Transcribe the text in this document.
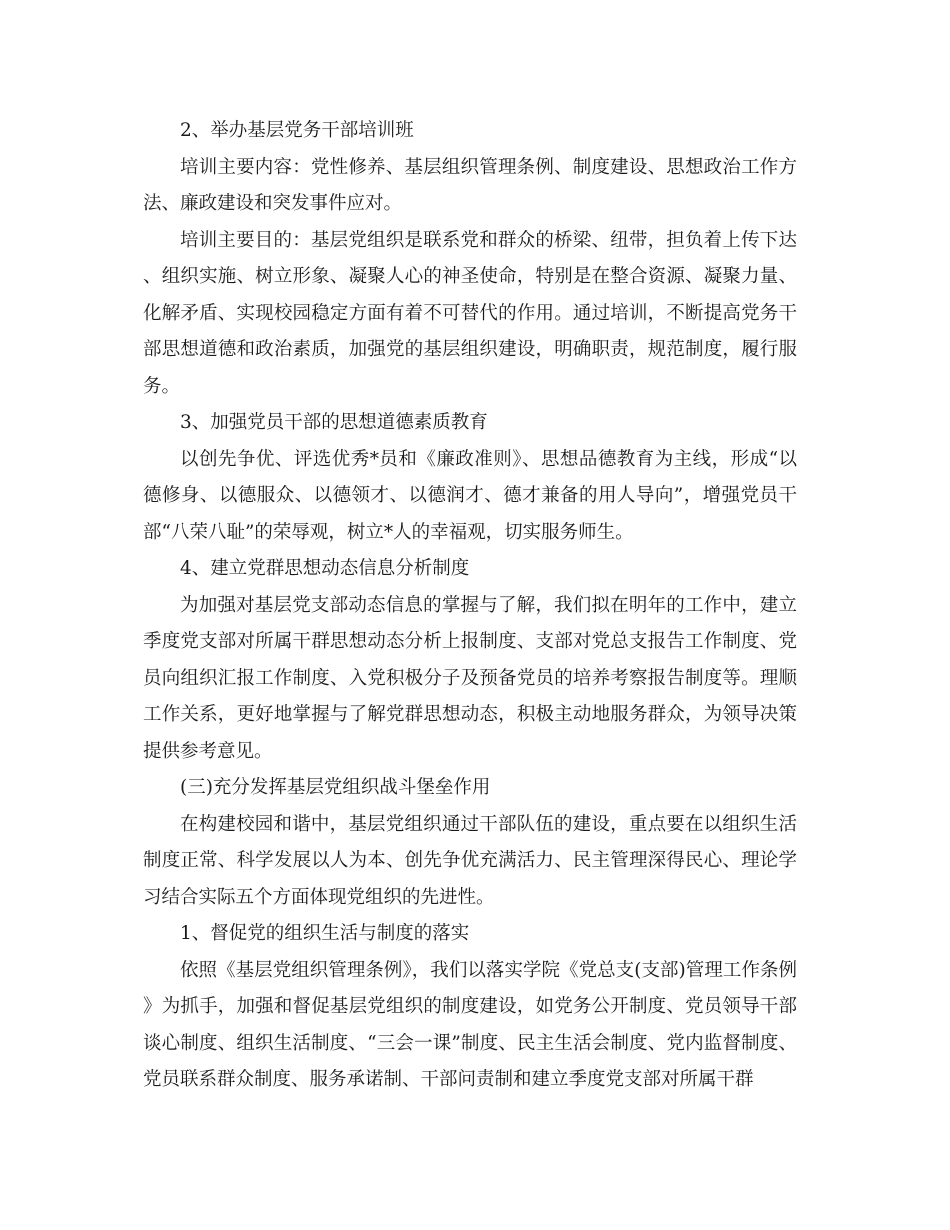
2、举办基层党务干部培训班

培训主要内容：党性修养、基层组织管理条例、制度建设、思想政治工作方法、廉政建设和突发事件应对。

培训主要目的：基层党组织是联系党和群众的桥梁、纽带，担负着上传下达、组织实施、树立形象、凝聚人心的神圣使命，特别是在整合资源、凝聚力量、化解矛盾、实现校园稳定方面有着不可替代的作用。通过培训，不断提高党务干部思想道德和政治素质，加强党的基层组织建设，明确职责，规范制度，履行服务。

3、加强党员干部的思想道德素质教育

以创先争优、评选优秀*员和《廉政准则》、思想品德教育为主线，形成“以德修身、以德服众、以德领才、以德润才、德才兼备的用人导向”，增强党员干部“八荣八耻”的荣辱观，树立*人的幸福观，切实服务师生。

4、建立党群思想动态信息分析制度

为加强对基层党支部动态信息的掌握与了解，我们拟在明年的工作中，建立季度党支部对所属干群思想动态分析上报制度、支部对党总支报告工作制度、党员向组织汇报工作制度、入党积极分子及预备党员的培养考察报告制度等。理顺工作关系，更好地掌握与了解党群思想动态，积极主动地服务群众，为领导决策提供参考意见。

(三)充分发挥基层党组织战斗堡垒作用

在构建校园和谐中，基层党组织通过干部队伍的建设，重点要在以组织生活制度正常、科学发展以人为本、创先争优充满活力、民主管理深得民心、理论学习结合实际五个方面体现党组织的先进性。

1、督促党的组织生活与制度的落实

依照《基层党组织管理条例》，我们以落实学院《党总支(支部)管理工作条例》为抓手，加强和督促基层党组织的制度建设，如党务公开制度、党员领导干部谈心制度、组织生活制度、“三会一课”制度、民主生活会制度、党内监督制度、党员联系群众制度、服务承诺制、干部问责制和建立季度党支部对所属干群
